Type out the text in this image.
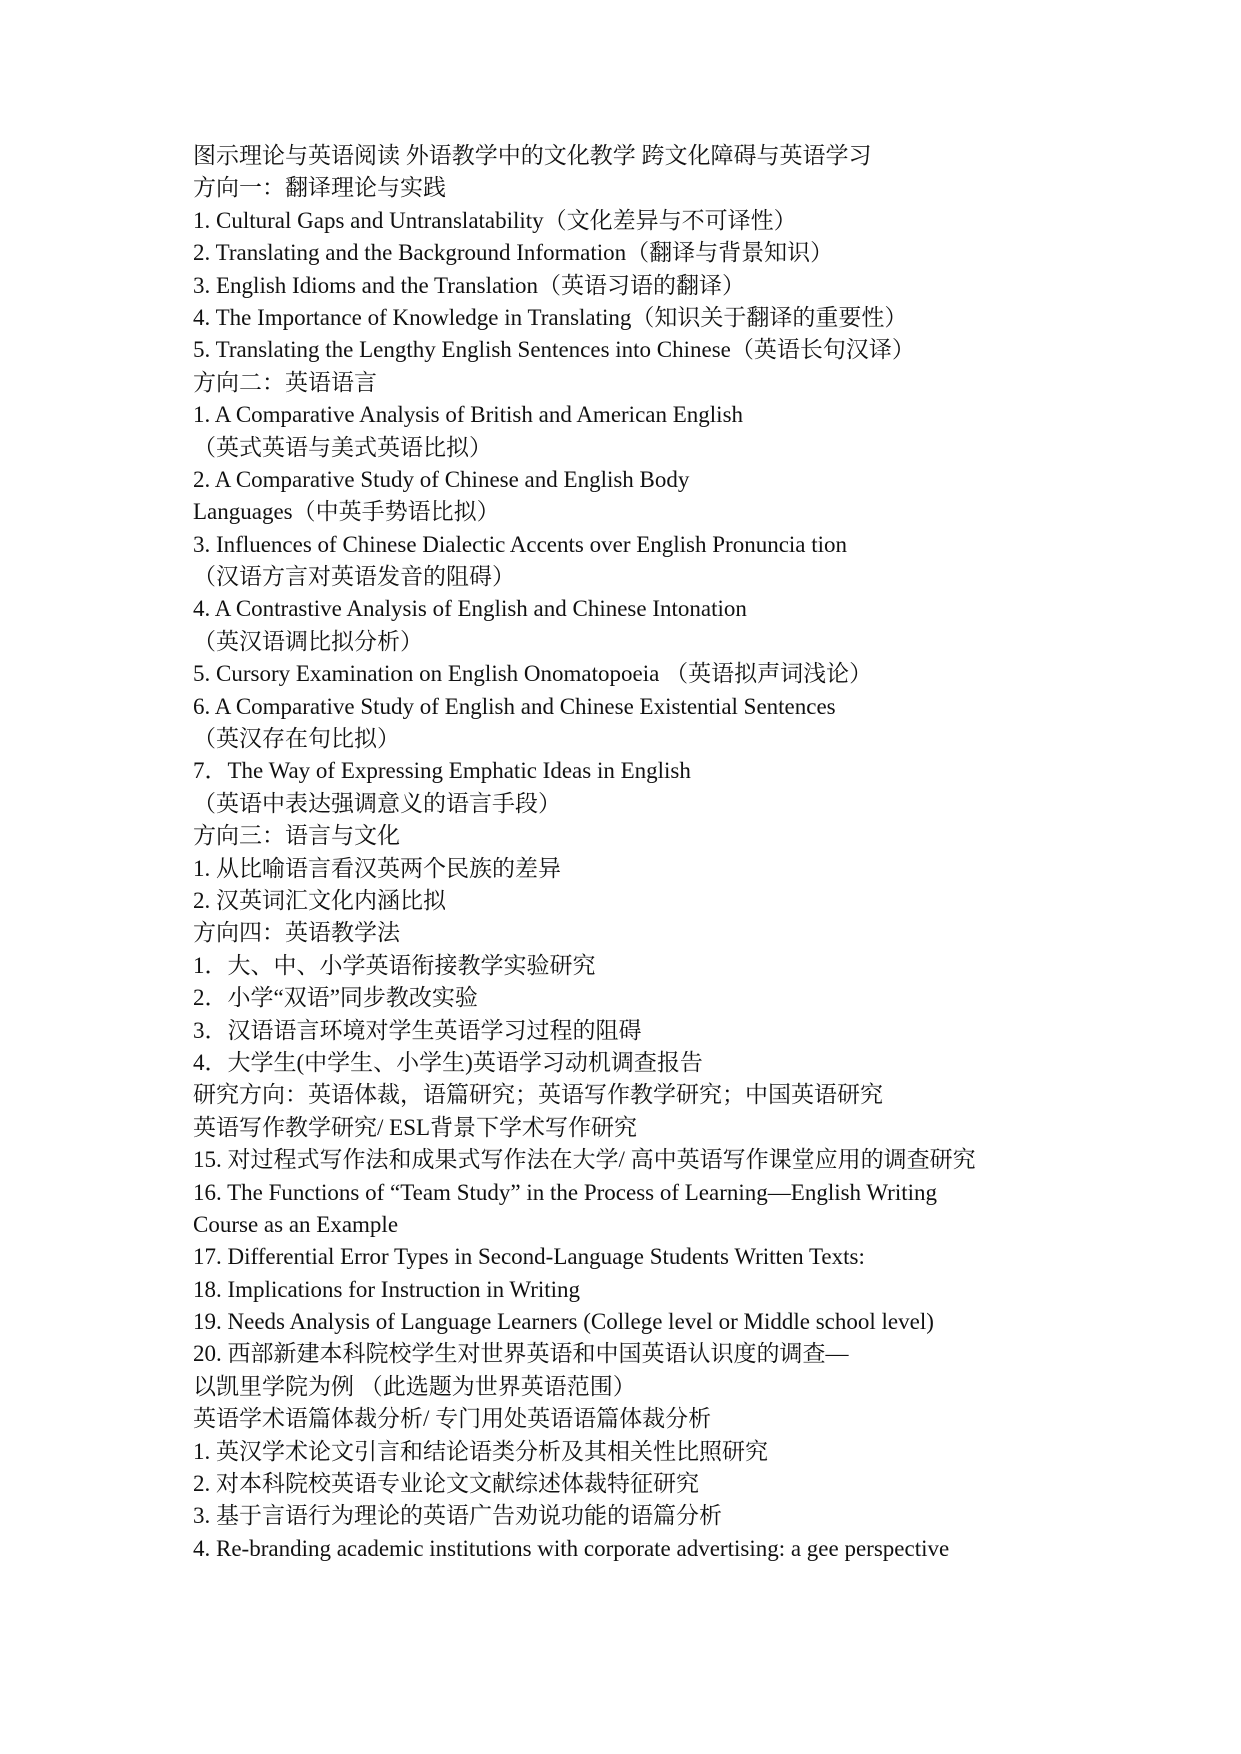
图示理论与英语阅读 外语教学中的文化教学 跨文化障碍与英语学习
方向一：翻译理论与实践
1. Cultural Gaps and Untranslatability（文化差异与不可译性）
2. Translating and the Background Information（翻译与背景知识）
3. English Idioms and the Translation（英语习语的翻译）
4. The Importance of Knowledge in Translating（知识关于翻译的重要性）
5. Translating the Lengthy English Sentences into Chinese（英语长句汉译）
方向二：英语语言
1. A Comparative Analysis of British and American English
（英式英语与美式英语比拟）
2. A Comparative Study of Chinese and English Body
Languages（中英手势语比拟）
3. Influences of Chinese Dialectic Accents over English Pronuncia tion
（汉语方言对英语发音的阻碍）
4. A Contrastive Analysis of English and Chinese Intonation
（英汉语调比拟分析）
5. Cursory Examination on English Onomatopoeia （英语拟声词浅论）
6. A Comparative Study of English and Chinese Existential Sentences
（英汉存在句比拟）
7．The Way of Expressing Emphatic Ideas in English
（英语中表达强调意义的语言手段）
方向三：语言与文化
1. 从比喻语言看汉英两个民族的差异
2. 汉英词汇文化内涵比拟
方向四：英语教学法
1．大、中、小学英语衔接教学实验研究
2．小学“双语”同步教改实验
3．汉语语言环境对学生英语学习过程的阻碍
4．大学生(中学生、小学生)英语学习动机调查报告
研究方向：英语体裁，语篇研究；英语写作教学研究；中国英语研究
英语写作教学研究/ ESL背景下学术写作研究
15. 对过程式写作法和成果式写作法在大学/ 高中英语写作课堂应用的调查研究
16. The Functions of “Team Study” in the Process of Learning—English Writing
Course as an Example
17. Differential Error Types in Second-Language Students Written Texts:
18. Implications for Instruction in Writing
19. Needs Analysis of Language Learners (College level or Middle school level)
20. 西部新建本科院校学生对世界英语和中国英语认识度的调查—
以凯里学院为例 （此选题为世界英语范围）
英语学术语篇体裁分析/ 专门用处英语语篇体裁分析
1. 英汉学术论文引言和结论语类分析及其相关性比照研究
2. 对本科院校英语专业论文文献综述体裁特征研究
3. 基于言语行为理论的英语广告劝说功能的语篇分析
4. Re-branding academic institutions with corporate advertising: a gee perspective
